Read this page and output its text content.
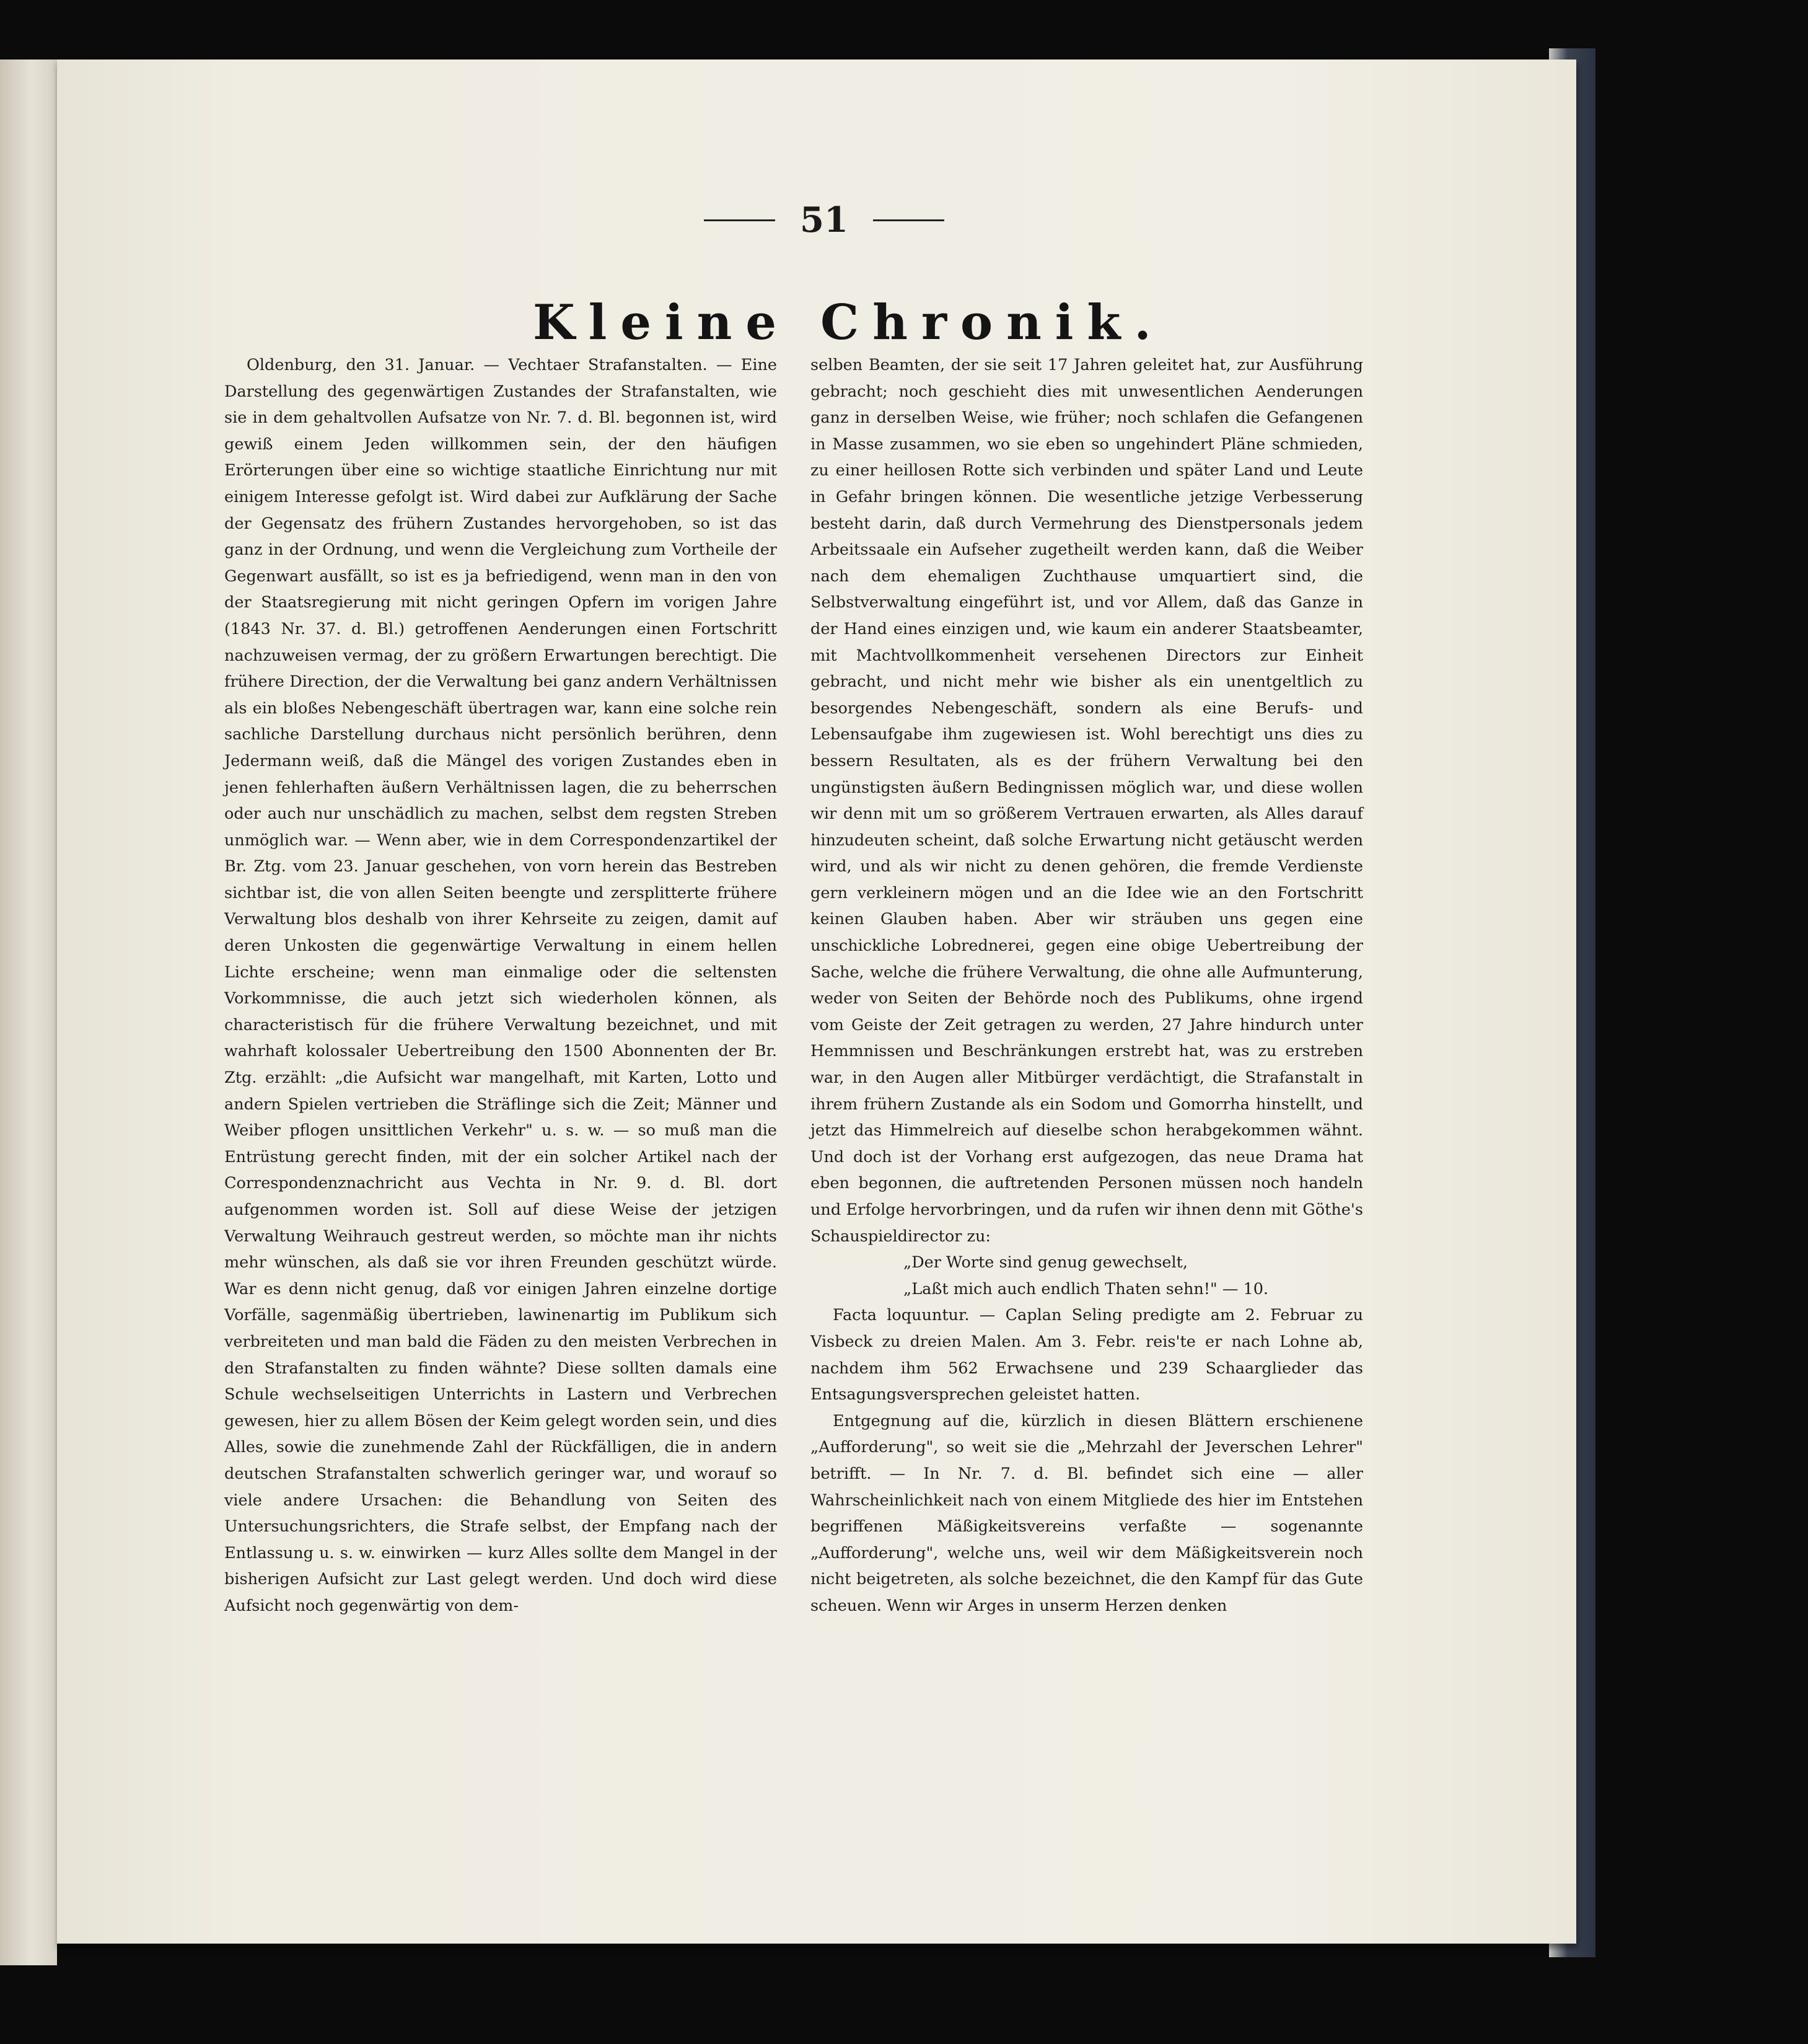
51
Kleine Chronik.

Oldenburg, den 31. Januar. — Vechtaer Strafanstalten. — Eine Darstellung des gegenwärtigen Zustandes der Strafanstalten, wie sie in dem gehaltvollen Aufsatze von Nr. 7. d. Bl. begonnen ist, wird gewiß einem Jeden willkommen sein, der den häufigen Erörterungen über eine so wichtige staatliche Einrichtung nur mit einigem Interesse gefolgt ist. Wird dabei zur Aufklärung der Sache der Gegensatz des frühern Zustandes hervorgehoben, so ist das ganz in der Ordnung, und wenn die Vergleichung zum Vortheile der Gegenwart ausfällt, so ist es ja befriedigend, wenn man in den von der Staatsregierung mit nicht geringen Opfern im vorigen Jahre (1843 Nr. 37. d. Bl.) getroffenen Aenderungen einen Fortschritt nachzuweisen vermag, der zu größern Erwartungen berechtigt. Die frühere Direction, der die Verwaltung bei ganz andern Verhältnissen als ein bloßes Nebengeschäft übertragen war, kann eine solche rein sachliche Darstellung durchaus nicht persönlich berühren, denn Jedermann weiß, daß die Mängel des vorigen Zustandes eben in jenen fehlerhaften äußern Verhältnissen lagen, die zu beherrschen oder auch nur unschädlich zu machen, selbst dem regsten Streben unmöglich war. — Wenn aber, wie in dem Correspondenzartikel der Br. Ztg. vom 23. Januar geschehen, von vorn herein das Bestreben sichtbar ist, die von allen Seiten beengte und zersplitterte frühere Verwaltung blos deshalb von ihrer Kehrseite zu zeigen, damit auf deren Unkosten die gegenwärtige Verwaltung in einem hellen Lichte erscheine; wenn man einmalige oder die seltensten Vorkommnisse, die auch jetzt sich wiederholen können, als characteristisch für die frühere Verwaltung bezeichnet, und mit wahrhaft kolossaler Uebertreibung den 1500 Abonnenten der Br. Ztg. erzählt: „die Aufsicht war mangelhaft, mit Karten, Lotto und andern Spielen vertrieben die Sträflinge sich die Zeit; Männer und Weiber pflogen unsittlichen Verkehr" u. s. w. — so muß man die Entrüstung gerecht finden, mit der ein solcher Artikel nach der Correspondenznachricht aus Vechta in Nr. 9. d. Bl. dort aufgenommen worden ist. Soll auf diese Weise der jetzigen Verwaltung Weihrauch gestreut werden, so möchte man ihr nichts mehr wünschen, als daß sie vor ihren Freunden geschützt würde. War es denn nicht genug, daß vor einigen Jahren einzelne dortige Vorfälle, sagenmäßig übertrieben, lawinenartig im Publikum sich verbreiteten und man bald die Fäden zu den meisten Verbrechen in den Strafanstalten zu finden wähnte? Diese sollten damals eine Schule wechselseitigen Unterrichts in Lastern und Verbrechen gewesen, hier zu allem Bösen der Keim gelegt worden sein, und dies Alles, sowie die zunehmende Zahl der Rückfälligen, die in andern deutschen Strafanstalten schwerlich geringer war, und worauf so viele andere Ursachen: die Behandlung von Seiten des Untersuchungsrichters, die Strafe selbst, der Empfang nach der Entlassung u. s. w. einwirken — kurz Alles sollte dem Mangel in der bisherigen Aufsicht zur Last gelegt werden. Und doch wird diese Aufsicht noch gegenwärtig von dem-

selben Beamten, der sie seit 17 Jahren geleitet hat, zur Ausführung gebracht; noch geschieht dies mit unwesentlichen Aenderungen ganz in derselben Weise, wie früher; noch schlafen die Gefangenen in Masse zusammen, wo sie eben so ungehindert Pläne schmieden, zu einer heillosen Rotte sich verbinden und später Land und Leute in Gefahr bringen können. Die wesentliche jetzige Verbesserung besteht darin, daß durch Vermehrung des Dienstpersonals jedem Arbeitssaale ein Aufseher zugetheilt werden kann, daß die Weiber nach dem ehemaligen Zuchthause umquartiert sind, die Selbstverwaltung eingeführt ist, und vor Allem, daß das Ganze in der Hand eines einzigen und, wie kaum ein anderer Staatsbeamter, mit Machtvollkommenheit versehenen Directors zur Einheit gebracht, und nicht mehr wie bisher als ein unentgeltlich zu besorgendes Nebengeschäft, sondern als eine Berufs- und Lebensaufgabe ihm zugewiesen ist. Wohl berechtigt uns dies zu bessern Resultaten, als es der frühern Verwaltung bei den ungünstigsten äußern Bedingnissen möglich war, und diese wollen wir denn mit um so größerem Vertrauen erwarten, als Alles darauf hinzudeuten scheint, daß solche Erwartung nicht getäuscht werden wird, und als wir nicht zu denen gehören, die fremde Verdienste gern verkleinern mögen und an die Idee wie an den Fortschritt keinen Glauben haben. Aber wir sträuben uns gegen eine unschickliche Lobrednerei, gegen eine obige Uebertreibung der Sache, welche die frühere Verwaltung, die ohne alle Aufmunterung, weder von Seiten der Behörde noch des Publikums, ohne irgend vom Geiste der Zeit getragen zu werden, 27 Jahre hindurch unter Hemmnissen und Beschränkungen erstrebt hat, was zu erstreben war, in den Augen aller Mitbürger verdächtigt, die Strafanstalt in ihrem frühern Zustande als ein Sodom und Gomorrha hinstellt, und jetzt das Himmelreich auf dieselbe schon herabgekommen wähnt. Und doch ist der Vorhang erst aufgezogen, das neue Drama hat eben begonnen, die auftretenden Personen müssen noch handeln und Erfolge hervorbringen, und da rufen wir ihnen denn mit Göthe's Schauspieldirector zu:

„Der Worte sind genug gewechselt,

„Laßt mich auch endlich Thaten sehn!" — 10.

Facta loquuntur. — Caplan Seling predigte am 2. Februar zu Visbeck zu dreien Malen. Am 3. Febr. reis'te er nach Lohne ab, nachdem ihm 562 Erwachsene und 239 Schaarglieder das Entsagungsversprechen geleistet hatten.

Entgegnung auf die, kürzlich in diesen Blättern erschienene „Aufforderung", so weit sie die „Mehrzahl der Jeverschen Lehrer" betrifft. — In Nr. 7. d. Bl. befindet sich eine — aller Wahrscheinlichkeit nach von einem Mitgliede des hier im Entstehen begriffenen Mäßigkeitsvereins verfaßte — sogenannte „Aufforderung", welche uns, weil wir dem Mäßigkeitsverein noch nicht beigetreten, als solche bezeichnet, die den Kampf für das Gute scheuen. Wenn wir Arges in unserm Herzen denken
